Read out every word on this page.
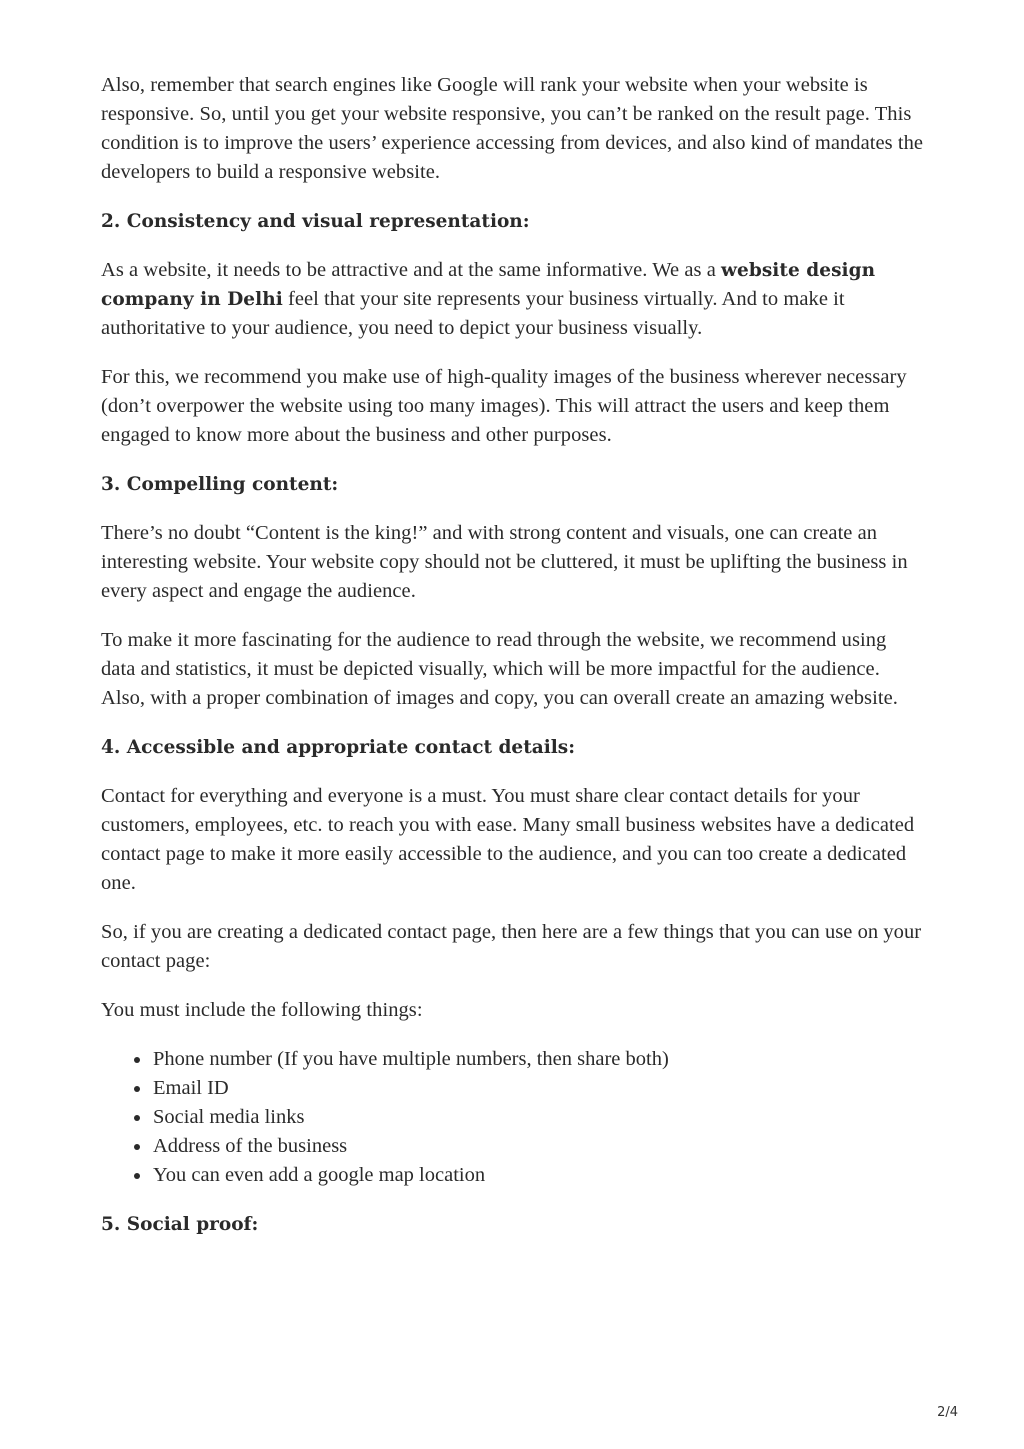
Also, remember that search engines like Google will rank your website when your website is responsive. So, until you get your website responsive, you can’t be ranked on the result page. This condition is to improve the users’ experience accessing from devices, and also kind of mandates the developers to build a responsive website.

2. Consistency and visual representation:

As a website, it needs to be attractive and at the same informative. We as a website design company in Delhi feel that your site represents your business virtually. And to make it authoritative to your audience, you need to depict your business visually.

For this, we recommend you make use of high-quality images of the business wherever necessary (don’t overpower the website using too many images). This will attract the users and keep them engaged to know more about the business and other purposes.

3. Compelling content:

There’s no doubt “Content is the king!” and with strong content and visuals, one can create an interesting website. Your website copy should not be cluttered, it must be uplifting the business in every aspect and engage the audience.

To make it more fascinating for the audience to read through the website, we recommend using data and statistics, it must be depicted visually, which will be more impactful for the audience. Also, with a proper combination of images and copy, you can overall create an amazing website.

4. Accessible and appropriate contact details:

Contact for everything and everyone is a must. You must share clear contact details for your customers, employees, etc. to reach you with ease. Many small business websites have a dedicated contact page to make it more easily accessible to the audience, and you can too create a dedicated one.

So, if you are creating a dedicated contact page, then here are a few things that you can use on your contact page:

You must include the following things:

Phone number (If you have multiple numbers, then share both)
Email ID
Social media links
Address of the business
You can even add a google map location
5. Social proof:
2/4
